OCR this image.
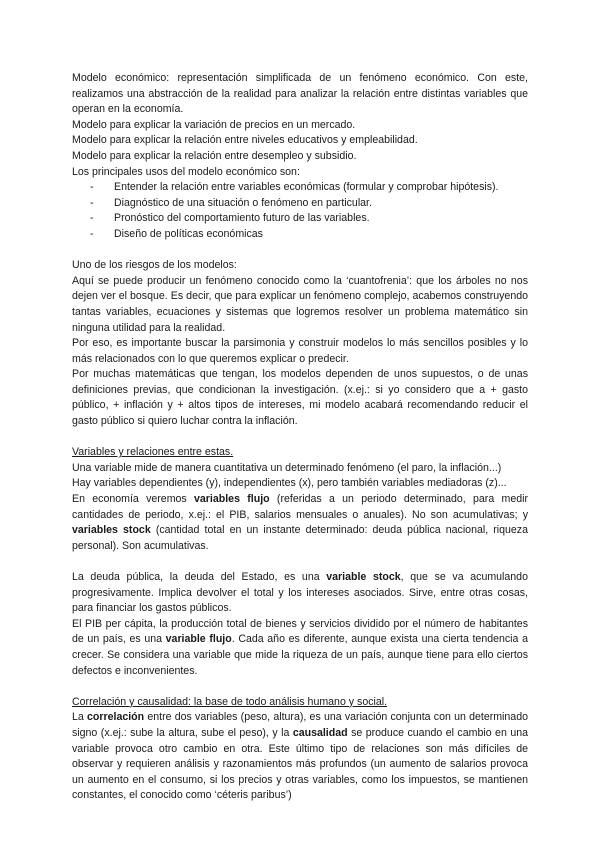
Modelo económico: representación simplificada de un fenómeno económico. Con este, realizamos una abstracción de la realidad para analizar la relación entre distintas variables que operan en la economía.

Modelo para explicar la variación de precios en un mercado.

Modelo para explicar la relación entre niveles educativos y empleabilidad.

Modelo para explicar la relación entre desempleo y subsidio.

Los principales usos del modelo económico son:

- Entender la relación entre variables económicas (formular y comprobar hipótesis).
- Diagnóstico de una situación o fenómeno en particular.
- Pronóstico del comportamiento futuro de las variables.
- Diseño de políticas económicas

Uno de los riesgos de los modelos:

Aquí se puede producir un fenómeno conocido como la ‘cuantofrenia’: que los árboles no nos dejen ver el bosque. Es decir, que para explicar un fenómeno complejo, acabemos construyendo tantas variables, ecuaciones y sistemas que logremos resolver un problema matemático sin ninguna utilidad para la realidad.

Por eso, es importante buscar la parsimonia y construir modelos lo más sencillos posibles y lo más relacionados con lo que queremos explicar o predecir.

Por muchas matemáticas que tengan, los modelos dependen de unos supuestos, o de unas definiciones previas, que condicionan la investigación. (x.ej.: si yo considero que a + gasto público, + inflación y + altos tipos de intereses, mi modelo acabará recomendando reducir el gasto público si quiero luchar contra la inflación.

Variables y relaciones entre estas.

Una variable mide de manera cuantitativa un determinado fenómeno (el paro, la inflación...)

Hay variables dependientes (y), independientes (x), pero también variables mediadoras (z)...

En economía veremos variables flujo (referidas a un periodo determinado, para medir cantidades de periodo, x.ej.: el PIB, salarios mensuales o anuales). No son acumulativas; y variables stock (cantidad total en un instante determinado: deuda pública nacional, riqueza personal). Son acumulativas.

La deuda pública, la deuda del Estado, es una variable stock, que se va acumulando progresivamente. Implica devolver el total y los intereses asociados. Sirve, entre otras cosas, para financiar los gastos públicos.

El PIB per cápita, la producción total de bienes y servicios dividido por el número de habitantes de un país, es una variable flujo. Cada año es diferente, aunque exista una cierta tendencia a crecer. Se considera una variable que mide la riqueza de un país, aunque tiene para ello ciertos defectos e inconvenientes.

Correlación y causalidad: la base de todo análisis humano y social.

La correlación entre dos variables (peso, altura), es una variación conjunta con un determinado signo (x.ej.: sube la altura, sube el peso), y la causalidad se produce cuando el cambio en una variable provoca otro cambio en otra. Este último tipo de relaciones son más difíciles de observar y requieren análisis y razonamientos más profundos (un aumento de salarios provoca un aumento en el consumo, si los precios y otras variables, como los impuestos, se mantienen constantes, el conocido como ‘céteris paribus’)
